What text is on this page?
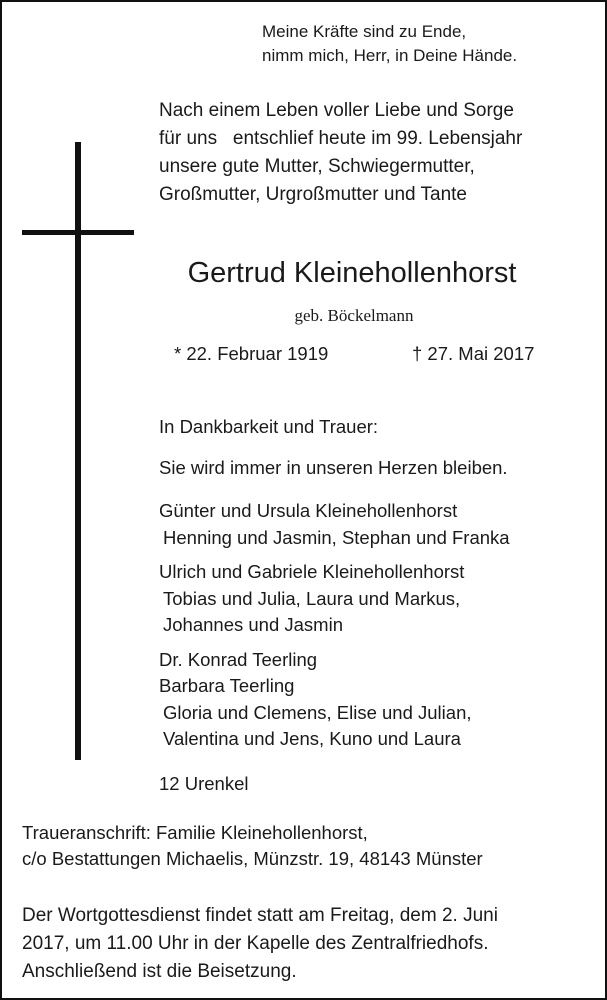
Meine Kräfte sind zu Ende,
nimm mich, Herr, in Deine Hände.
Nach einem Leben voller Liebe und Sorge
für uns   entschlief heute im 99. Lebensjahr
unsere gute Mutter, Schwiegermutter,
Großmutter, Urgroßmutter und Tante
Gertrud Kleinehollenhorst
geb. Böckelmann
* 22. Februar 1919	† 27. Mai 2017
In Dankbarkeit und Trauer:
Sie wird immer in unseren Herzen bleiben.
Günter und Ursula Kleinehollenhorst
Henning und Jasmin, Stephan und Franka
Ulrich und Gabriele Kleinehollenhorst
Tobias und Julia, Laura und Markus,
Johannes und Jasmin
Dr. Konrad Teerling
Barbara Teerling
Gloria und Clemens, Elise und Julian,
Valentina und Jens, Kuno und Laura
12 Urenkel
Traueranschrift: Familie Kleinehollenhorst,
c/o Bestattungen Michaelis, Münzstr. 19, 48143 Münster
Der Wortgottesdienst findet statt am Freitag, dem 2. Juni
2017, um 11.00 Uhr in der Kapelle des Zentralfriedhofs.
Anschließend ist die Beisetzung.
